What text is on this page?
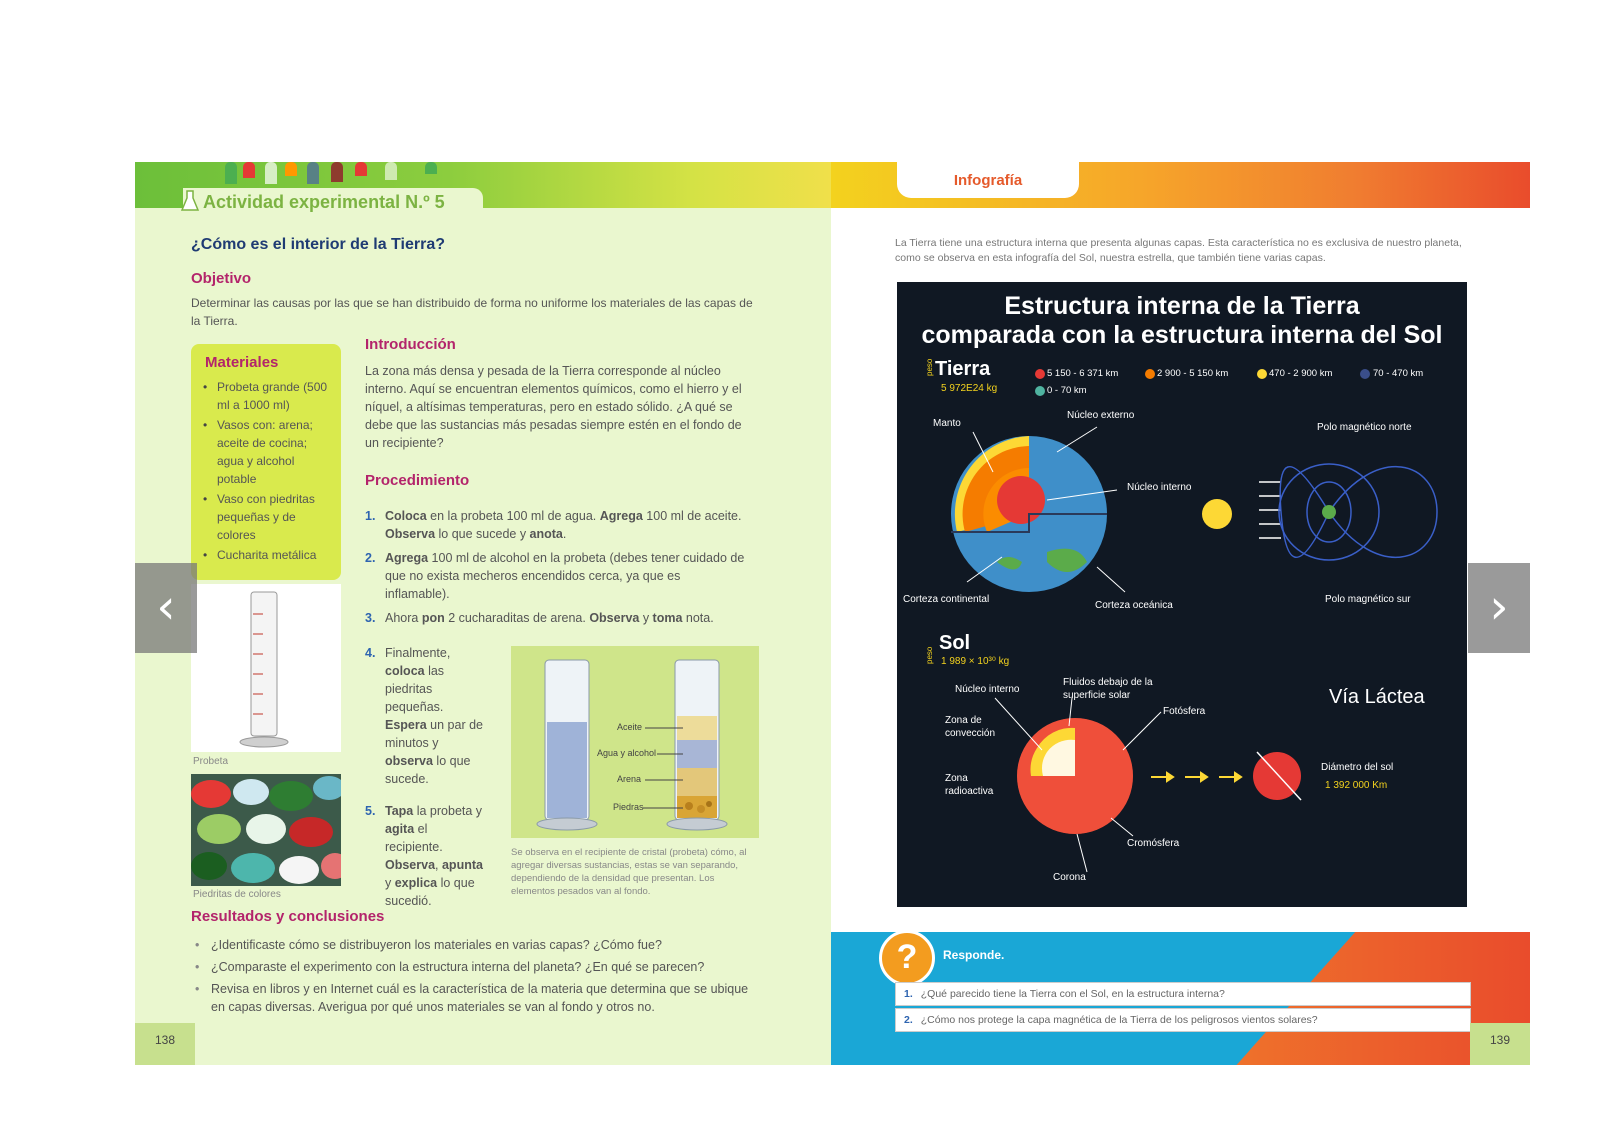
Actividad experimental N.º 5
¿Cómo es el interior de la Tierra?
Objetivo
Determinar las causas por las que se han distribuido de forma no uniforme los materiales de las capas de la Tierra.
Materiales
• Probeta grande (500 ml a 1000 ml)
• Vasos con: arena; aceite de cocina; agua y alcohol potable
• Vaso con piedritas pequeñas y de colores
• Cucharita metálica
Probeta
Piedritas de colores
Introducción
La zona más densa y pesada de la Tierra corresponde al núcleo interno. Aquí se encuentran elementos químicos, como el hierro y el níquel, a altísimas temperaturas, pero en estado sólido. ¿A qué se debe que las sustancias más pesadas siempre estén en el fondo de un recipiente?
Procedimiento
1. Coloca en la probeta 100 ml de agua. Agrega 100 ml de aceite. Observa lo que sucede y anota.
2. Agrega 100 ml de alcohol en la probeta (debes tener cuidado de que no exista mecheros encendidos cerca, ya que es inflamable).
3. Ahora pon 2 cucharaditas de arena. Observa y toma nota.
4. Finalmente, coloca las piedritas pequeñas. Espera un par de minutos y observa lo que sucede.
5. Tapa la probeta y agita el recipiente. Observa, apunta y explica lo que sucedió.
Aceite
Agua y alcohol
Arena
Piedras
Se observa en el recipiente de cristal (probeta) cómo, al agregar diversas sustancias, estas se van separando, dependiendo de la densidad que presentan. Los elementos pesados van al fondo.
Resultados y conclusiones
• ¿Identificaste cómo se distribuyeron los materiales en varias capas? ¿Cómo fue?
• ¿Comparaste el experimento con la estructura interna del planeta? ¿En qué se parecen?
• Revisa en libros y en Internet cuál es la característica de la materia que determina que se ubique en capas diversas. Averigua por qué unos materiales se van al fondo y otros no.
138
Infografía
La Tierra tiene una estructura interna que presenta algunas capas. Esta característica no es exclusiva de nuestro planeta, como se observa en esta infografía del Sol, nuestra estrella, que también tiene varias capas.
Estructura interna de la Tierra
comparada con la estructura interna del Sol
peso Tierra
5 972E24 kg
5 150 - 6 371 km	2 900 - 5 150 km	470 - 2 900 km	70 - 470 km
0 - 70 km
Manto
Núcleo externo
Núcleo interno
Corteza continental
Corteza oceánica
Polo magnético norte
Polo magnético sur
peso
Sol
1 989 × 10³⁰ kg
Núcleo interno
Fluidos debajo de la superficie solar
Zona de convección
Fotósfera
Zona radioactiva
Cromósfera
Corona
Vía Láctea
Diámetro del sol
1 392 000 Km
?	Responde.
1. ¿Qué parecido tiene la Tierra con el Sol, en la estructura interna?
2. ¿Cómo nos protege la capa magnética de la Tierra de los peligrosos vientos solares?
139
‹	›
